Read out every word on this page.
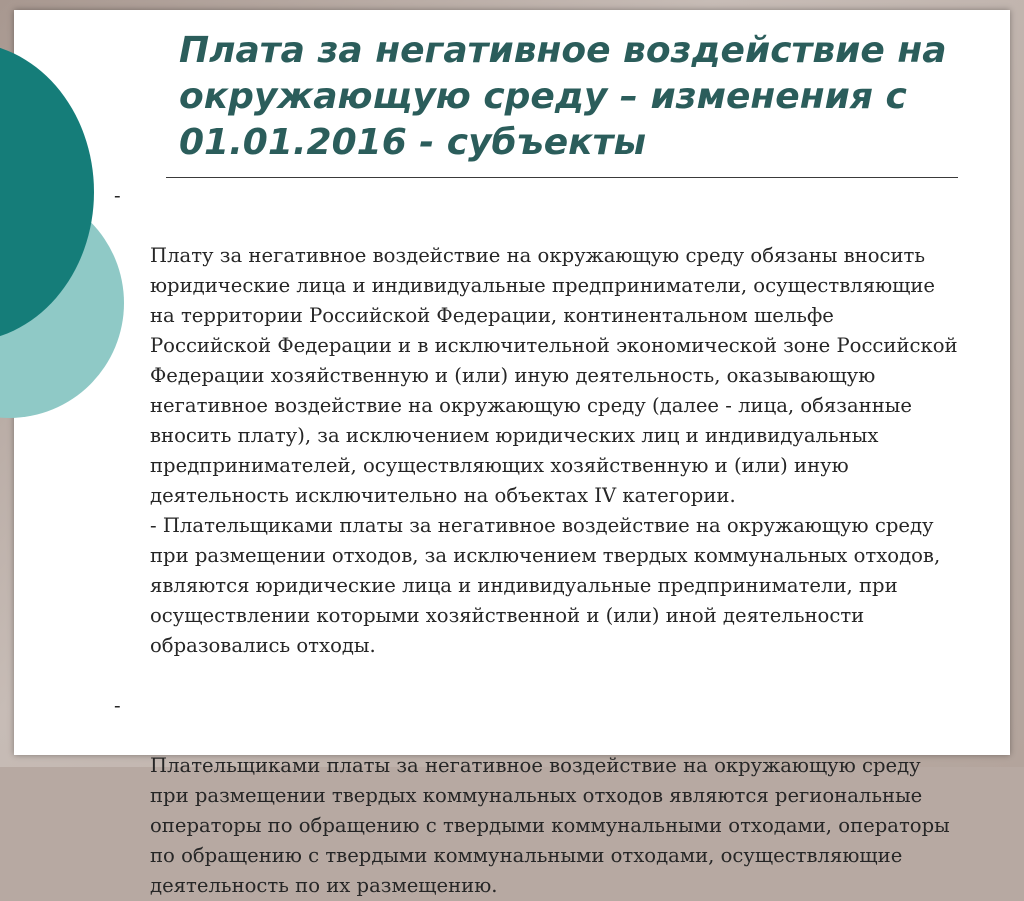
Плата за негативное воздействие на
окружающую среду – изменения с
01.01.2016 - субъекты

-

Плату за негативное воздействие на окружающую среду обязаны вносить
юридические лица и индивидуальные предприниматели, осуществляющие
на территории Российской Федерации, континентальном шельфе
Российской Федерации и в исключительной экономической зоне Российской
Федерации хозяйственную и (или) иную деятельность, оказывающую
негативное воздействие на окружающую среду (далее - лица, обязанные
вносить плату), за исключением юридических лиц и индивидуальных
предпринимателей, осуществляющих хозяйственную и (или) иную
деятельность исключительно на объектах IV категории.

- Плательщиками платы за негативное воздействие на окружающую среду
при размещении отходов, за исключением твердых коммунальных отходов,
являются юридические лица и индивидуальные предприниматели, при
осуществлении которыми хозяйственной и (или) иной деятельности
образовались отходы.

-

Плательщиками платы за негативное воздействие на окружающую среду
при размещении твердых коммунальных отходов являются региональные
операторы по обращению с твердыми коммунальными отходами, операторы
по обращению с твердыми коммунальными отходами, осуществляющие
деятельность по их размещению.
